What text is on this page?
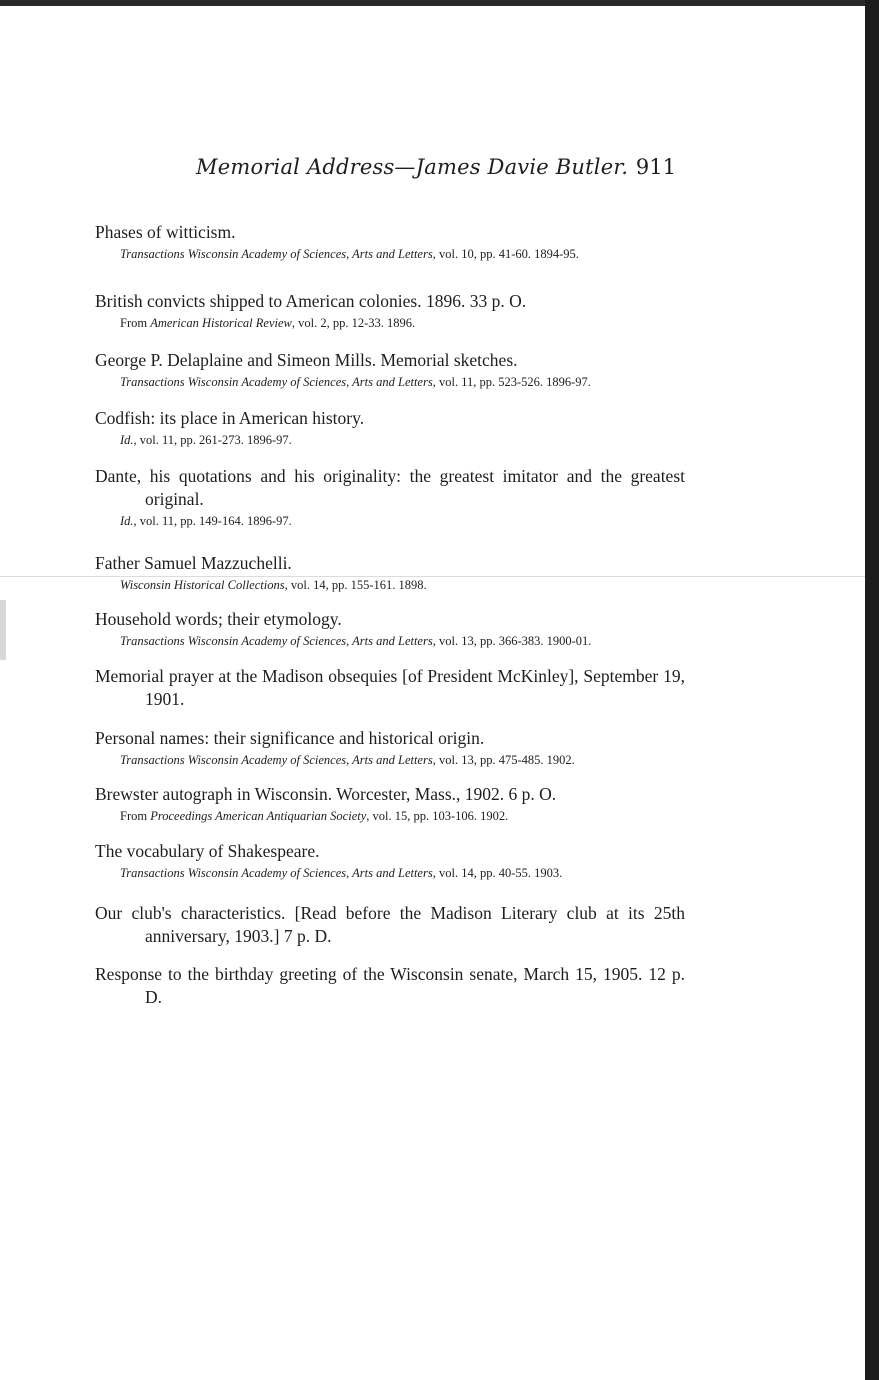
Memorial Address—James Davie Butler. 911
Phases of witticism.
Transactions Wisconsin Academy of Sciences, Arts and Letters, vol. 10, pp. 41-60. 1894-95.
British convicts shipped to American colonies. 1896. 33 p. O.
From American Historical Review, vol. 2, pp. 12-33. 1896.
George P. Delaplaine and Simeon Mills. Memorial sketches.
Transactions Wisconsin Academy of Sciences, Arts and Letters, vol. 11, pp. 523-526. 1896-97.
Codfish: its place in American history.
Id., vol. 11, pp. 261-273. 1896-97.
Dante, his quotations and his originality: the greatest imitator and the greatest original.
Id., vol. 11, pp. 149-164. 1896-97.
Father Samuel Mazzuchelli.
Wisconsin Historical Collections, vol. 14, pp. 155-161. 1898.
Household words; their etymology.
Transactions Wisconsin Academy of Sciences, Arts and Letters, vol. 13, pp. 366-383. 1900-01.
Memorial prayer at the Madison obsequies [of President McKinley], September 19, 1901.
Personal names: their significance and historical origin.
Transactions Wisconsin Academy of Sciences, Arts and Letters, vol. 13, pp. 475-485. 1902.
Brewster autograph in Wisconsin. Worcester, Mass., 1902. 6 p. O.
From Proceedings American Antiquarian Society, vol. 15, pp. 103-106. 1902.
The vocabulary of Shakespeare.
Transactions Wisconsin Academy of Sciences, Arts and Letters, vol. 14, pp. 40-55. 1903.
Our club's characteristics. [Read before the Madison Literary club at its 25th anniversary, 1903.] 7 p. D.
Response to the birthday greeting of the Wisconsin senate, March 15, 1905. 12 p. D.
